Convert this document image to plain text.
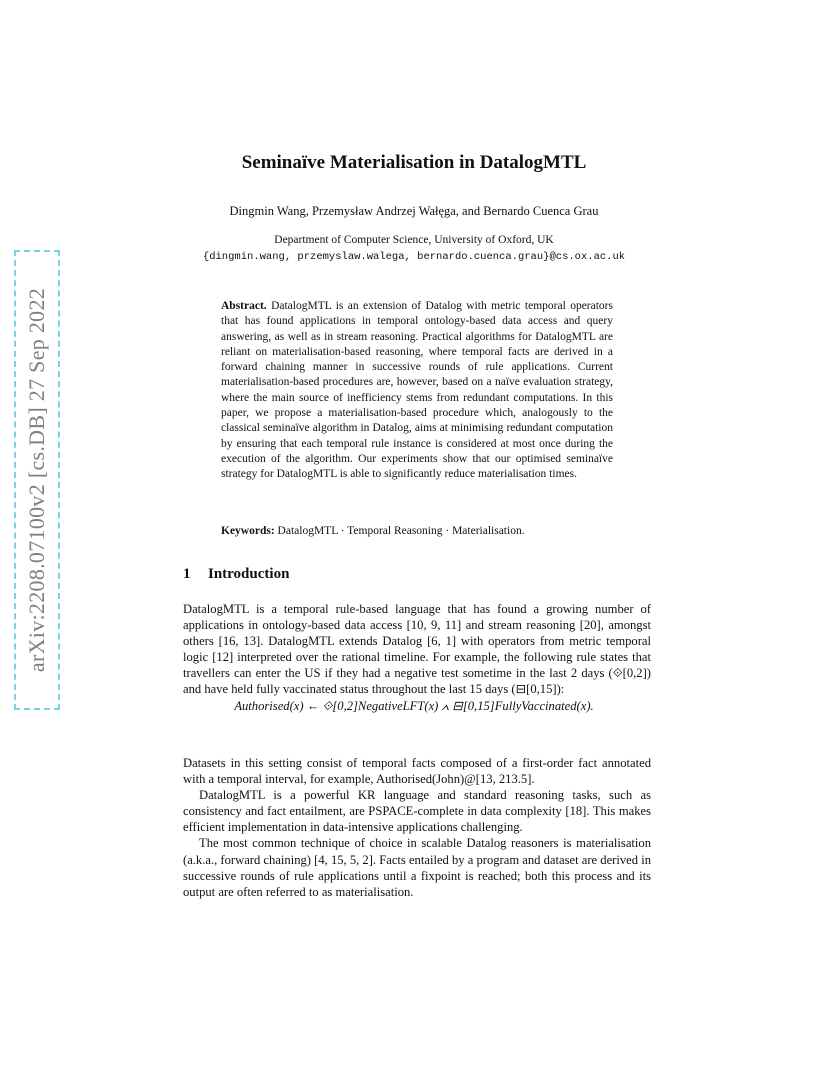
arXiv:2208.07100v2 [cs.DB] 27 Sep 2022
Seminaïve Materialisation in DatalogMTL
Dingmin Wang, Przemysław Andrzej Wałęga, and Bernardo Cuenca Grau
Department of Computer Science, University of Oxford, UK
{dingmin.wang, przemyslaw.walega, bernardo.cuenca.grau}@cs.ox.ac.uk
Abstract. DatalogMTL is an extension of Datalog with metric temporal operators that has found applications in temporal ontology-based data access and query answering, as well as in stream reasoning. Practical algorithms for DatalogMTL are reliant on materialisation-based reasoning, where temporal facts are derived in a forward chaining manner in successive rounds of rule applications. Current materialisation-based procedures are, however, based on a naïve evaluation strategy, where the main source of inefficiency stems from redundant computations. In this paper, we propose a materialisation-based procedure which, analogously to the classical seminaïve algorithm in Datalog, aims at minimising redundant computation by ensuring that each temporal rule instance is considered at most once during the execution of the algorithm. Our experiments show that our optimised seminaïve strategy for DatalogMTL is able to significantly reduce materialisation times.
Keywords: DatalogMTL · Temporal Reasoning · Materialisation.
1 Introduction
DatalogMTL is a temporal rule-based language that has found a growing number of applications in ontology-based data access [10, 9, 11] and stream reasoning [20], amongst others [16, 13]. DatalogMTL extends Datalog [6, 1] with operators from metric temporal logic [12] interpreted over the rational timeline. For example, the following rule states that travellers can enter the US if they had a negative test sometime in the last 2 days (⟐[0,2]) and have held fully vaccinated status throughout the last 15 days (⊟[0,15]):
Authorised(x) ← ⟐[0,2]NegativeLFT(x) ∧ ⊟[0,15]FullyVaccinated(x).
Datasets in this setting consist of temporal facts composed of a first-order fact annotated with a temporal interval, for example, Authorised(John)@[13, 213.5].
DatalogMTL is a powerful KR language and standard reasoning tasks, such as consistency and fact entailment, are PSPACE-complete in data complexity [18]. This makes efficient implementation in data-intensive applications challenging.
The most common technique of choice in scalable Datalog reasoners is materialisation (a.k.a., forward chaining) [4, 15, 5, 2]. Facts entailed by a program and dataset are derived in successive rounds of rule applications until a fixpoint is reached; both this process and its output are often referred to as materialisation.
